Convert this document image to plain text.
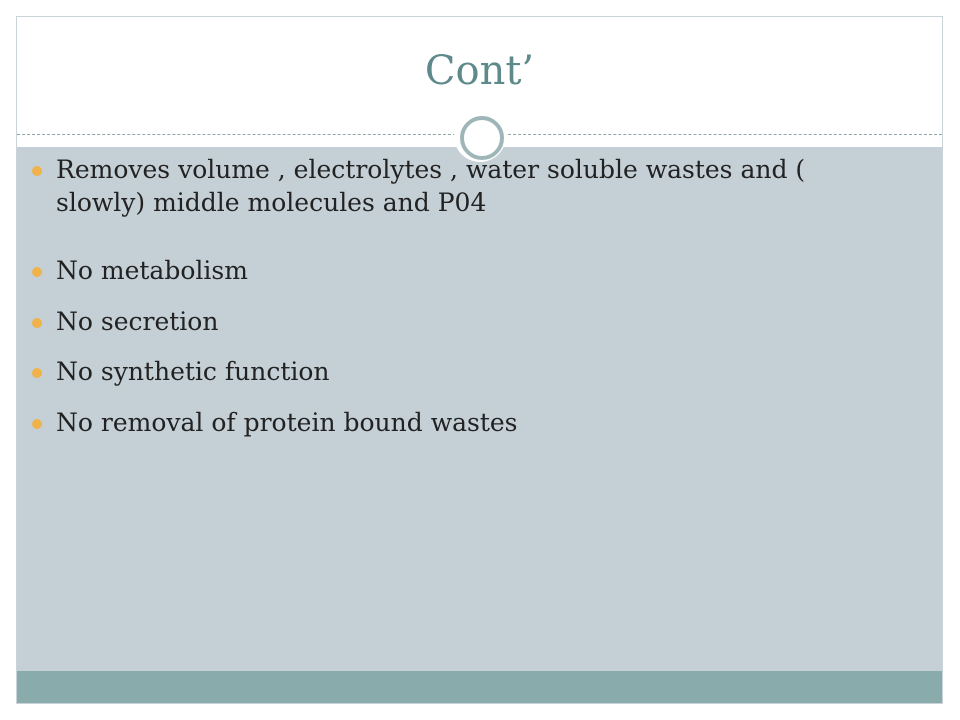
Cont’
Removes volume , electrolytes , water soluble wastes and ( slowly) middle molecules and P04
No metabolism
No secretion
No synthetic function
No removal of protein bound wastes
